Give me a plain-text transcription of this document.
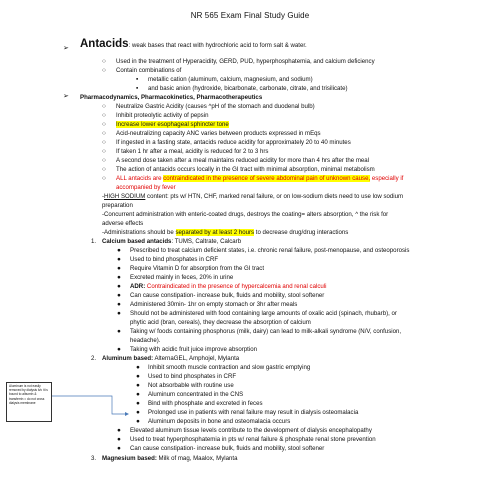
NR 565 Exam Final Study Guide
➢ Antacids: weak bases that react with hydrochloric acid to form salt & water.
○ Used in the treatment of Hyperacidity, GERD, PUD, hyperphosphatemia, and calcium deficiency
○ Contain combinations of
▪ metallic cation (aluminum, calcium, magnesium, and sodium)
▪ and basic anion (hydroxide, bicarbonate, carbonate, citrate, and trisilicate)
➢ Pharmacodynamics, Pharmacokinetics, Pharmacotherapeutics
○ Neutralize Gastric Acidity (causes ^pH of the stomach and duodenal bulb)
○ Inhibit proteolytic activity of pepsin
○ Increase lower esophageal sphincter tone
○ Acid-neutralizing capacity ANC varies between products expressed in mEqs
○ If ingested in a fasting state, antacids reduce acidity for approximately 20 to 40 minutes
○ If taken 1 hr after a meal, acidity is reduced for 2 to 3 hrs
○ A second dose taken after a meal maintains reduced acidity for more than 4 hrs after the meal
○ The action of antacids occurs locally in the GI tract with minimal absorption, minimal metabolism
○ ALL antacids are contraindicated in the presence of severe abdominal pain of unknown cause, especially if
accompanied by fever
-HIGH SODIUM content: pts w/ HTN, CHF, marked renal failure, or on low-sodium diets need to use low sodium
preparation
-Concurrent administration with enteric-coated drugs, destroys the coating= alters absorption, ^ the risk for
adverse effects
-Administrations should be separated by at least 2 hours to decrease drug/drug interactions
1. Calcium based antacids: TUMS, Caltrate, Calcarb
● Prescribed to treat calcium deficient states, i.e. chronic renal failure, post-menopause, and osteoporosis
● Used to bind phosphates in CRF
● Require Vitamin D for absorption from the GI tract
● Excreted mainly in feces, 20% in urine
● ADR: Contraindicated in the presence of hypercalcemia and renal calculi
● Can cause constipation- increase bulk, fluids and mobility, stool softener
● Administered 30min- 1hr on empty stomach or 3hr after meals
● Should not be administered with food containing large amounts of oxalic acid (spinach, rhubarb), or
phytic acid (bran, cereals), they decrease the absorption of calcium
● Taking w/ foods containing phosphorus (milk, dairy) can lead to milk-alkali syndrome (N/V, confusion,
headache).
● Taking with acidic fruit juice improve absorption
2. Aluminum based: AlternaGEL, Amphojel, Mylanta
● Inhibit smooth muscle contraction and slow gastric emptying
● Used to bind phosphates in CRF
● Not absorbable with routine use
● Aluminum concentrated in the CNS
● Bind with phosphate and excreted in feces
● Prolonged use in patients with renal failure may result in dialysis osteomalacia
● Aluminum deposits in bone and osteomalacia occurs
● Elevated aluminum tissue levels contribute to the development of dialysis encephalopathy
● Used to treat hyperphosphatemia in pts w/ renal failure & phosphate renal stone prevention
● Can cause constipation- increase bulk, fluids and mobility, stool softener
3. Magnesium based: Milk of mag, Maalox, Mylanta
Aluminum is not easily removed by dialysis b/c it is bound to albumin & transferrin = do not cross dialysis membrane
